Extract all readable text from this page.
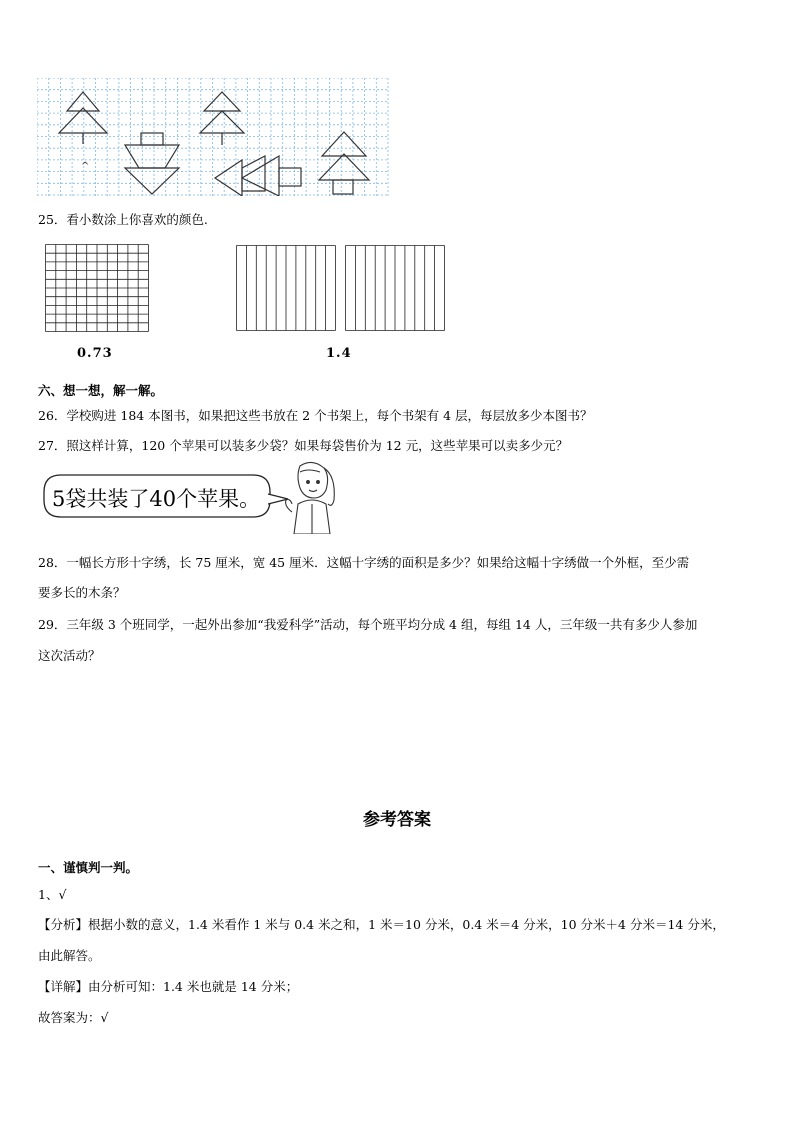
^
25．看小数涂上你喜欢的颜色.
0.73	1.4
六、想一想，解一解。
26．学校购进 184 本图书，如果把这些书放在 2 个书架上，每个书架有 4 层，每层放多少本图书？
27．照这样计算，120 个苹果可以装多少袋？如果每袋售价为 12 元，这些苹果可以卖多少元？
5袋共装了40个苹果。
28．一幅长方形十字绣，长 75 厘米，宽 45 厘米．这幅十字绣的面积是多少？如果给这幅十字绣做一个外框，至少需
要多长的木条？
29．三年级 3 个班同学，一起外出参加“我爱科学”活动，每个班平均分成 4 组，每组 14 人，三年级一共有多少人参加
这次活动？
参考答案
一、谨慎判一判。
1、√
【分析】根据小数的意义，1.4 米看作 1 米与 0.4 米之和，1 米＝10 分米，0.4 米＝4 分米，10 分米＋4 分米＝14 分米，
由此解答。
【详解】由分析可知：1.4 米也就是 14 分米；
故答案为：√
